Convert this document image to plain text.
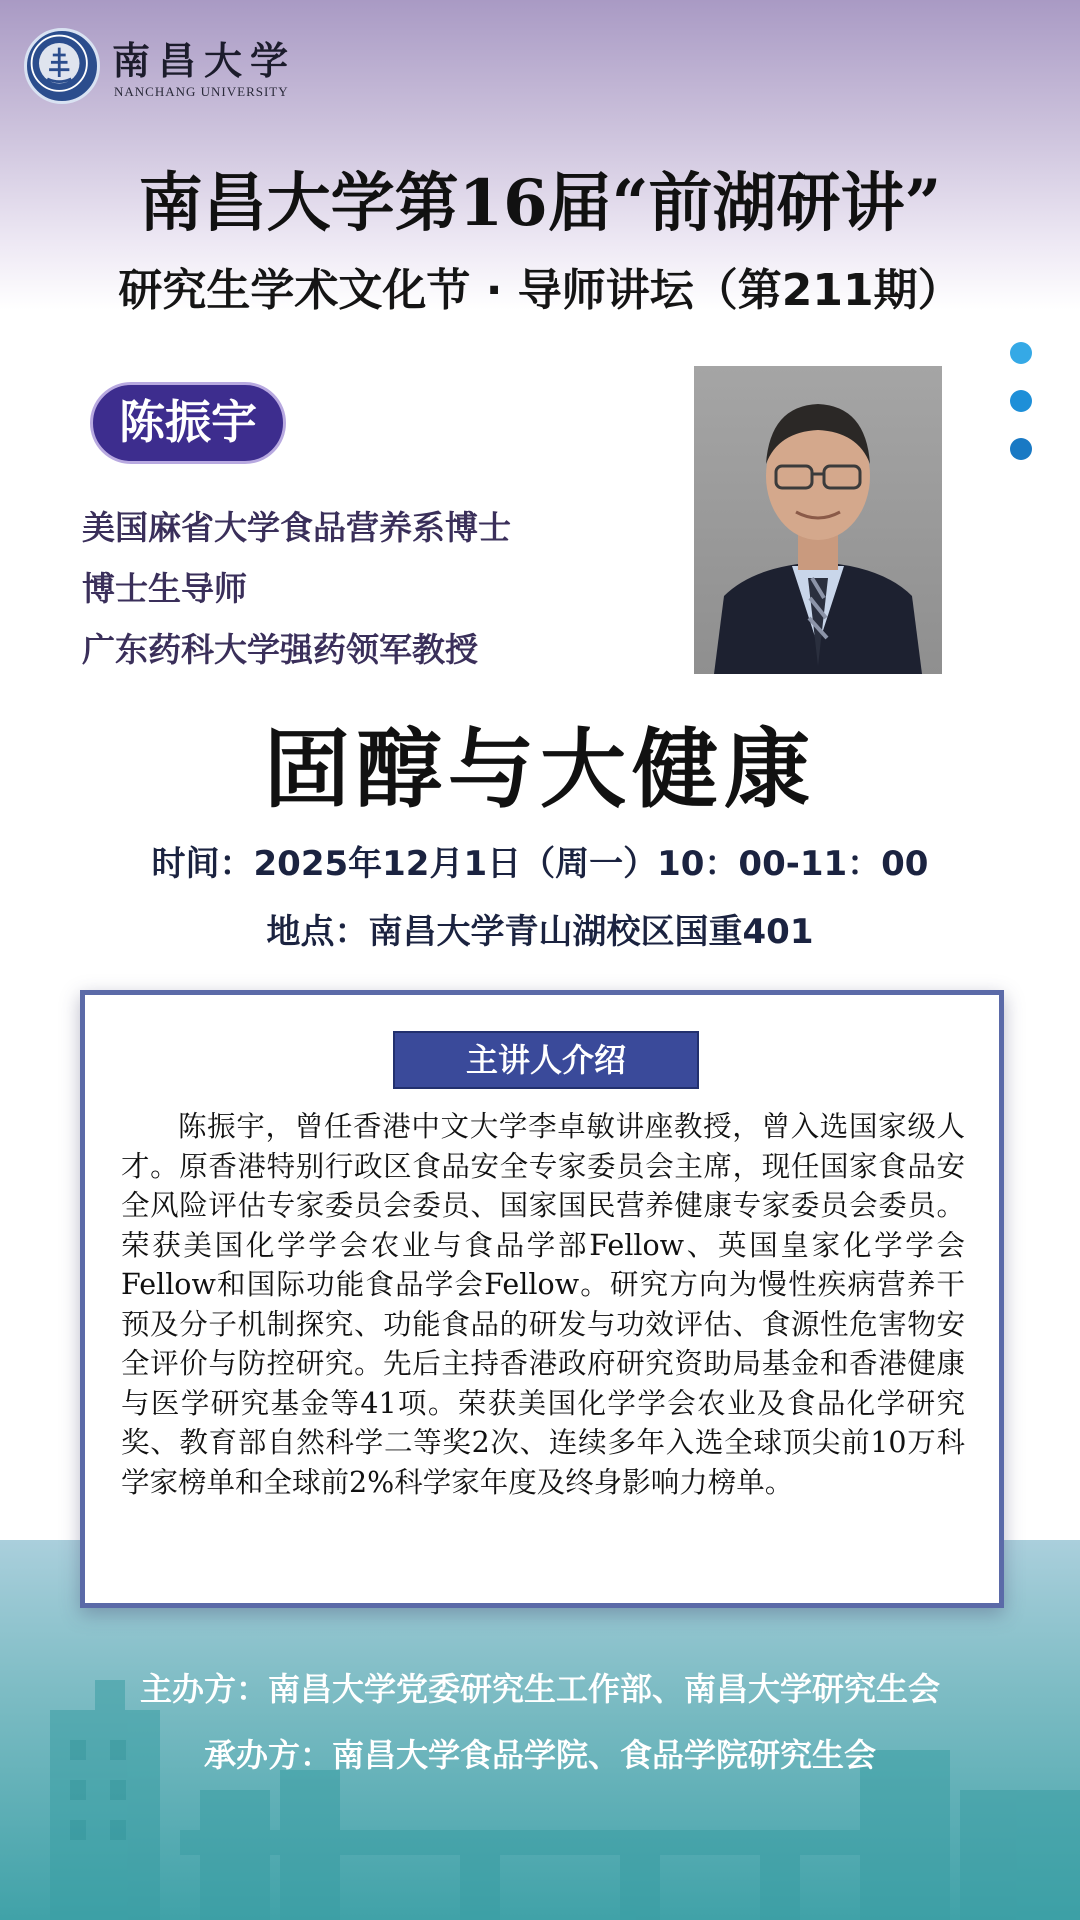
南昌大学
NANCHANG UNIVERSITY
南昌大学第16届“前湖研讲”
研究生学术文化节 · 导师讲坛（第211期）
陈振宇
美国麻省大学食品营养系博士
博士生导师
广东药科大学强药领军教授
固醇与大健康
时间：2025年12月1日（周一）10：00-11：00
地点：南昌大学青山湖校区国重401
主讲人介绍

陈振宇，曾任香港中文大学李卓敏讲座教授，曾入选国家级人才。原香港特别行政区食品安全专家委员会主席，现任国家食品安全风险评估专家委员会委员、国家国民营养健康专家委员会委员。荣获美国化学学会农业与食品学部Fellow、英国皇家化学学会Fellow和国际功能食品学会Fellow。研究方向为慢性疾病营养干预及分子机制探究、功能食品的研发与功效评估、食源性危害物安全评价与防控研究。先后主持香港政府研究资助局基金和香港健康与医学研究基金等41项。荣获美国化学学会农业及食品化学研究奖、教育部自然科学二等奖2次、连续多年入选全球顶尖前10万科学家榜单和全球前2%科学家年度及终身影响力榜单。

主办方：南昌大学党委研究生工作部、南昌大学研究生会
承办方：南昌大学食品学院、食品学院研究生会
